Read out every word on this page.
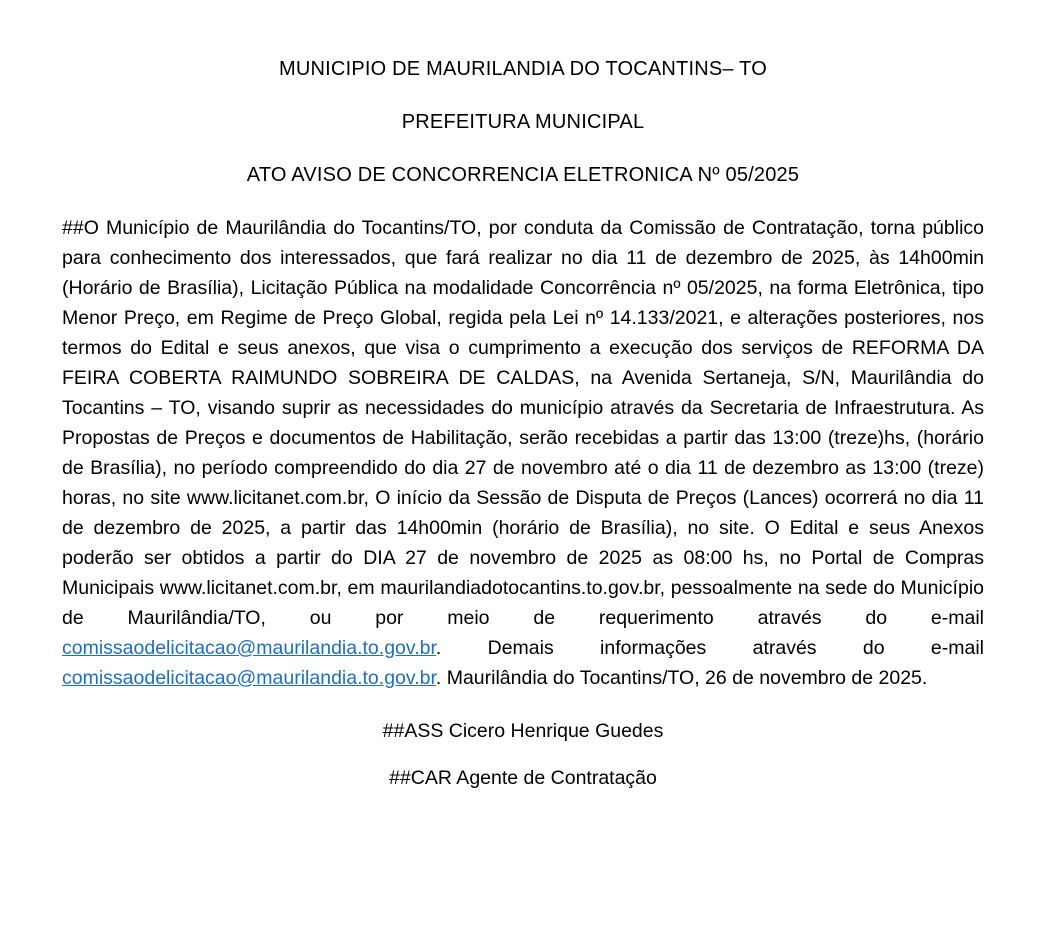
MUNICIPIO DE MAURILANDIA DO TOCANTINS– TO

PREFEITURA MUNICIPAL

ATO AVISO DE CONCORRENCIA ELETRONICA Nº 05/2025

##O Município de Maurilândia do Tocantins/TO, por conduta da Comissão de Contratação, torna público para conhecimento dos interessados, que fará realizar no dia 11 de dezembro de 2025, às 14h00min (Horário de Brasília), Licitação Pública na modalidade Concorrência nº 05/2025, na forma Eletrônica, tipo Menor Preço, em Regime de Preço Global, regida pela Lei nº 14.133/2021, e alterações posteriores, nos termos do Edital e seus anexos, que visa o cumprimento a execução dos serviços de REFORMA DA FEIRA COBERTA RAIMUNDO SOBREIRA DE CALDAS, na Avenida Sertaneja, S/N, Maurilândia do Tocantins – TO, visando suprir as necessidades do município através da Secretaria de Infraestrutura. As Propostas de Preços e documentos de Habilitação, serão recebidas a partir das 13:00 (treze)hs, (horário de Brasília), no período compreendido do dia 27 de novembro até o dia 11 de dezembro as 13:00 (treze) horas, no site www.licitanet.com.br, O início da Sessão de Disputa de Preços (Lances) ocorrerá no dia 11 de dezembro de 2025, a partir das 14h00min (horário de Brasília), no site. O Edital e seus Anexos poderão ser obtidos a partir do DIA 27 de novembro de 2025 as 08:00 hs, no Portal de Compras Municipais www.licitanet.com.br, em maurilandiadotocantins.to.gov.br, pessoalmente na sede do Município de Maurilândia/TO, ou por meio de requerimento através do e-mail comissaodelicitacao@maurilandia.to.gov.br. Demais informações através do e-mail comissaodelicitacao@maurilandia.to.gov.br. Maurilândia do Tocantins/TO, 26 de novembro de 2025.

##ASS Cicero Henrique Guedes

##CAR Agente de Contratação
